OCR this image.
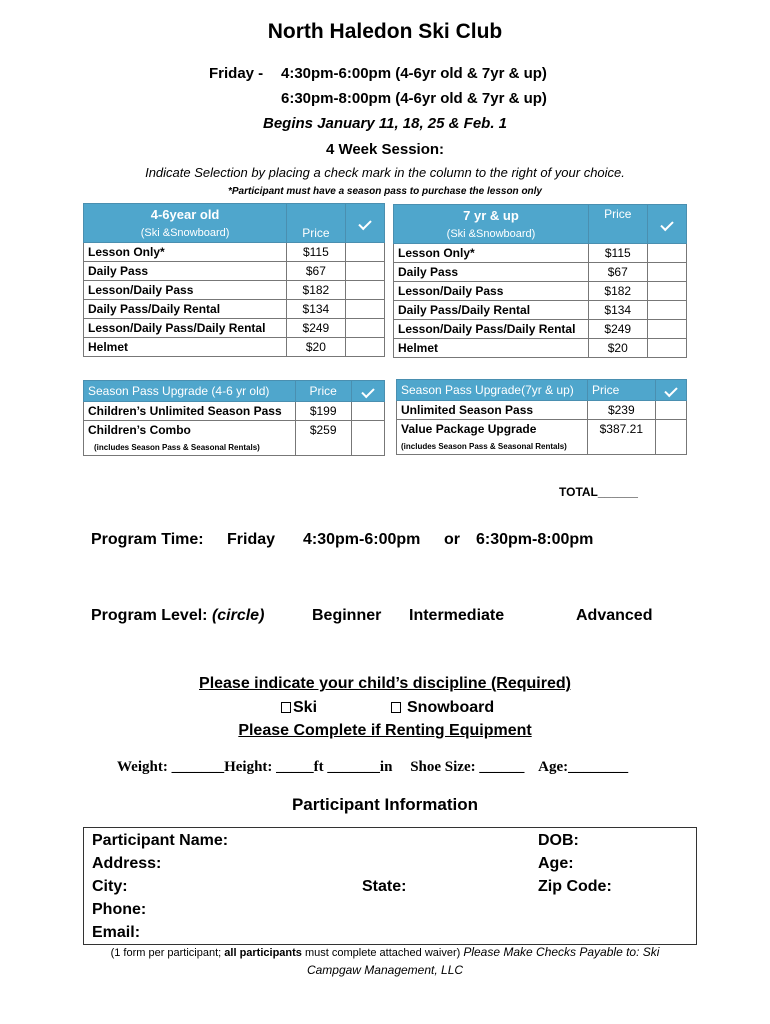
North Haledon Ski Club
Friday - 4:30pm-6:00pm (4-6yr old & 7yr & up)
6:30pm-8:00pm (4-6yr old & 7yr & up)
Begins January 11, 18, 25 & Feb. 1
4 Week Session:
Indicate Selection by placing a check mark in the column to the right of your choice.
*Participant must have a season pass to purchase the lesson only
4-6year old
(Ski &Snowboard)	Price	
Lesson Only*	$115	
Daily Pass	$67	
Lesson/Daily Pass	$182	
Daily Pass/Daily Rental	$134	
Lesson/Daily Pass/Daily Rental	$249	
Helmet	$20	
7 yr & up
(Ski &Snowboard)	Price	
Lesson Only*	$115	
Daily Pass	$67	
Lesson/Daily Pass	$182	
Daily Pass/Daily Rental	$134	
Lesson/Daily Pass/Daily Rental	$249	
Helmet	$20	
Season Pass Upgrade (4-6 yr old)	Price	
Children’s Unlimited Season Pass	$199	

Children’s Combo
(includes Season Pass & Seasonal Rentals)	$259	
Season Pass Upgrade(7yr & up)	Price	
Unlimited Season Pass	$239	

Value Package Upgrade
(includes Season Pass & Seasonal Rentals)	$387.21	
TOTAL______
Program Time: Friday 4:30pm-6:00pm or 6:30pm-8:00pm
Program Level: (circle)	Beginner Intermediate	Advanced
Please indicate your child’s discipline (Required)
Ski	Snowboard
Please Complete if Renting Equipment
Weight: _______Height: _____ft _______in Shoe Size: ______ Age:________
Participant Information
Participant Name:	DOB:
Address:	Age:
City:	State:	Zip Code:
Phone:
Email:
(1 form per participant; all participants must complete attached waiver) Please Make Checks Payable to: Ski
Campgaw Management, LLC
